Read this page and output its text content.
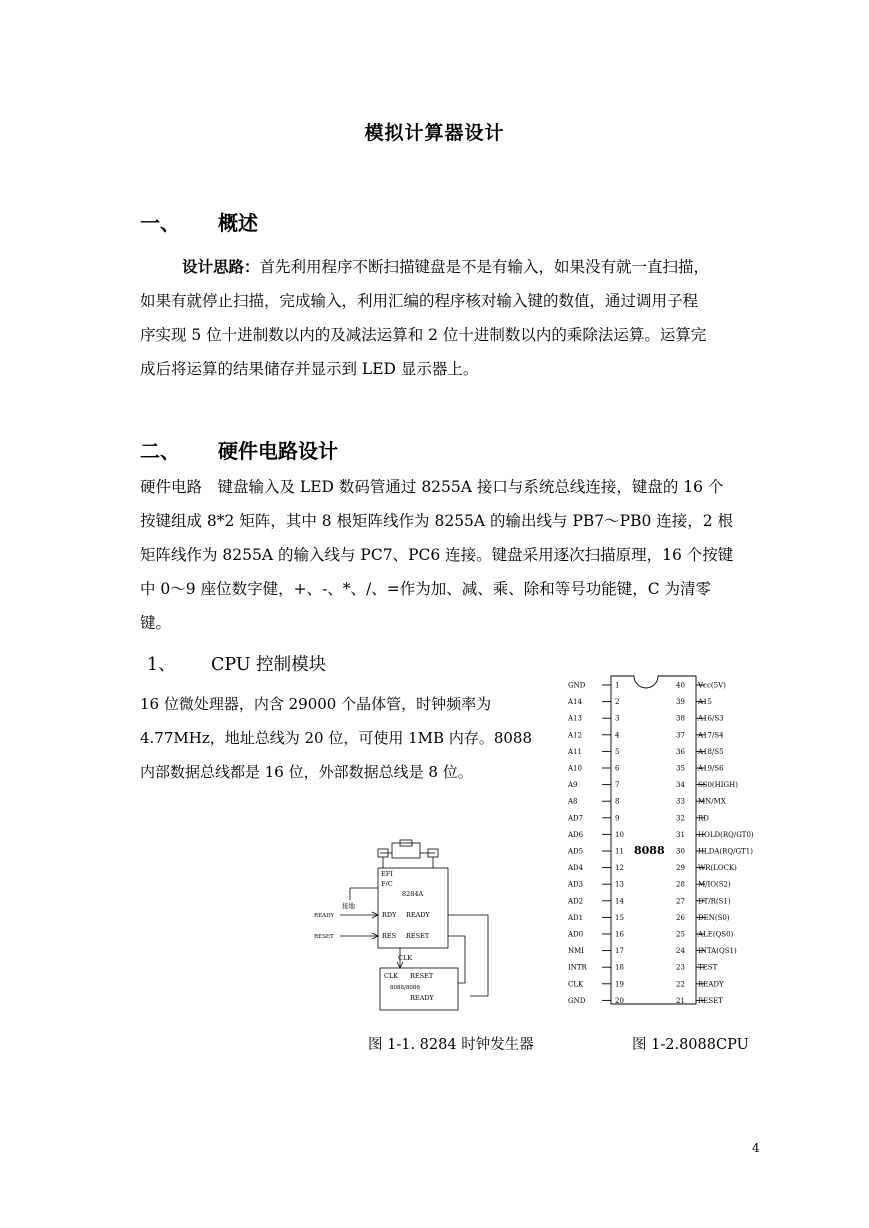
模拟计算器设计
一、 概述
设计思路：首先利用程序不断扫描键盘是不是有输入，如果没有就一直扫描，
如果有就停止扫描，完成输入，利用汇编的程序核对输入键的数值，通过调用子程
序实现 5 位十进制数以内的及减法运算和 2 位十进制数以内的乘除法运算。运算完
成后将运算的结果储存并显示到 LED 显示器上。
二、 硬件电路设计
硬件电路　键盘输入及 LED 数码管通过 8255A 接口与系统总线连接，键盘的 16 个
按键组成 8*2 矩阵，其中 8 根矩阵线作为 8255A 的输出线与 PB7～PB0 连接，2 根
矩阵线作为 8255A 的输入线与 PC7、PC6 连接。键盘采用逐次扫描原理，16 个按键
中 0～9 座位数字健，+、-、*、/、=作为加、减、乘、除和等号功能键，C 为清零
键。
1、 CPU 控制模块
16 位微处理器，内含 29000 个晶体管，时钟频率为
4.77MHz，地址总线为 20 位，可使用 1MB 内存。8088
内部数据总线都是 16 位，外部数据总线是 8 位。
EFI
F/C
8284A
接地
READY
RESET
RDY READY
RES RESET
CLK
CLK RESET
8088/8086
READY
8088
GND	1
A14	2
A13	3
A12	4
A11	5
A10	6
A9	7
A8	8
AD7	9
AD6	10
AD5	11
AD4	12
AD3	13
AD2	14
AD1	15
AD0	16
NMI	17
INTR	18
CLK	19
GND	20
40 Vcc(5V)
39 A15
38 A16/S3
37 A17/S4
36 A18/S5
35 A19/S6
34 SS0(HIGH)
33 MN/MX
32 RD
31 HOLD(RQ/GT0)
30 HLDA(RQ/GT1)
29 WR(LOCK)
28 M/IO(S2)
27 DT/R(S1)
26 DEN(S0)
25 ALE(QS0)
24 INTA(QS1)
23 TEST
22 READY
21 RESET
图 1-1. 8284 时钟发生器	图 1-2.8088CPU
4
